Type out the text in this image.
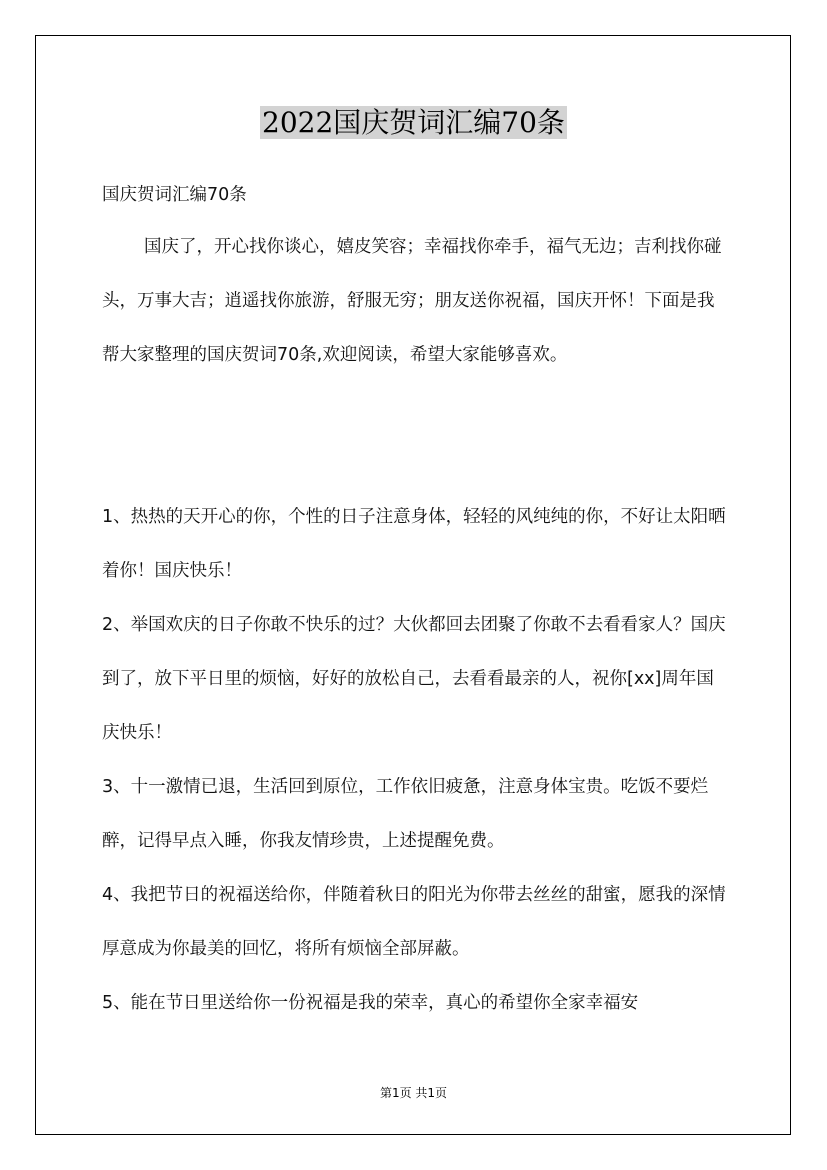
2022国庆贺词汇编70条

国庆贺词汇编70条

国庆了，开心找你谈心，嬉皮笑容；幸福找你牵手，福气无边；吉利找你碰头，万事大吉；逍遥找你旅游，舒服无穷；朋友送你祝福，国庆开怀！下面是我帮大家整理的国庆贺词70条,欢迎阅读，希望大家能够喜欢。

1、热热的天开心的你，个性的日子注意身体，轻轻的风纯纯的你，不好让太阳晒着你！国庆快乐！

2、举国欢庆的日子你敢不快乐的过？大伙都回去团聚了你敢不去看看家人？国庆到了，放下平日里的烦恼，好好的放松自己，去看看最亲的人，祝你[xx]周年国庆快乐！

3、十一激情已退，生活回到原位，工作依旧疲惫，注意身体宝贵。吃饭不要烂醉，记得早点入睡，你我友情珍贵，上述提醒免费。

4、我把节日的祝福送给你，伴随着秋日的阳光为你带去丝丝的甜蜜，愿我的深情厚意成为你最美的回忆，将所有烦恼全部屏蔽。

5、能在节日里送给你一份祝福是我的荣幸，真心的希望你全家幸福安

第1页 共1页
